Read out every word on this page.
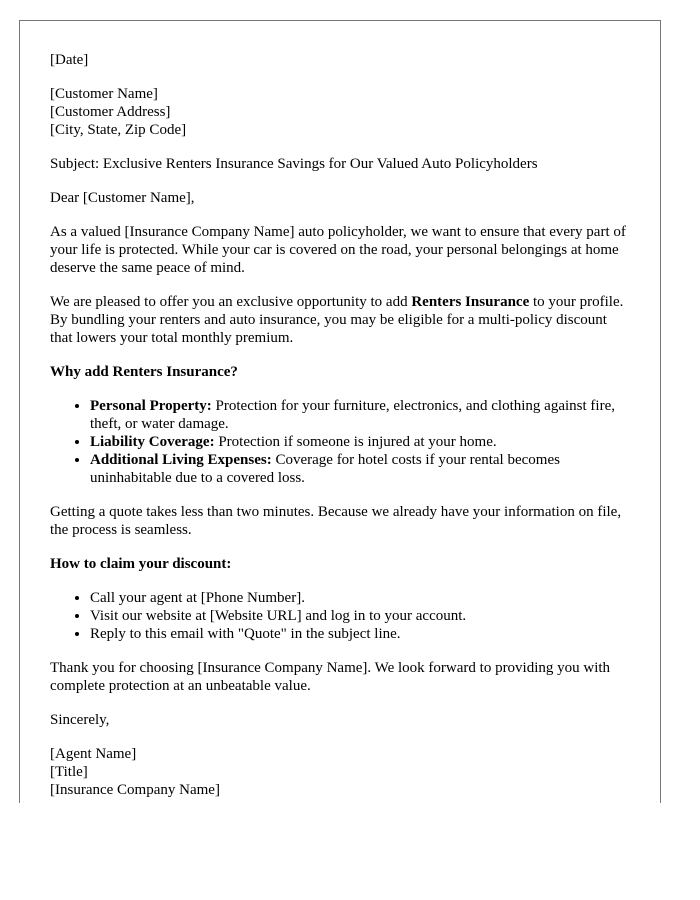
[Date]

[Customer Name]
[Customer Address]
[City, State, Zip Code]

Subject: Exclusive Renters Insurance Savings for Our Valued Auto Policyholders

Dear [Customer Name],

As a valued [Insurance Company Name] auto policyholder, we want to ensure that every part of your life is protected. While your car is covered on the road, your personal belongings at home deserve the same peace of mind.

We are pleased to offer you an exclusive opportunity to add Renters Insurance to your profile. By bundling your renters and auto insurance, you may be eligible for a multi-policy discount that lowers your total monthly premium.

Why add Renters Insurance?
• Personal Property: Protection for your furniture, electronics, and clothing against fire, theft, or water damage.
• Liability Coverage: Protection if someone is injured at your home.
• Additional Living Expenses: Coverage for hotel costs if your rental becomes uninhabitable due to a covered loss.

Getting a quote takes less than two minutes. Because we already have your information on file, the process is seamless.

How to claim your discount:
• Call your agent at [Phone Number].
• Visit our website at [Website URL] and log in to your account.
• Reply to this email with "Quote" in the subject line.

Thank you for choosing [Insurance Company Name]. We look forward to providing you with complete protection at an unbeatable value.

Sincerely,

[Agent Name]
[Title]
[Insurance Company Name]
